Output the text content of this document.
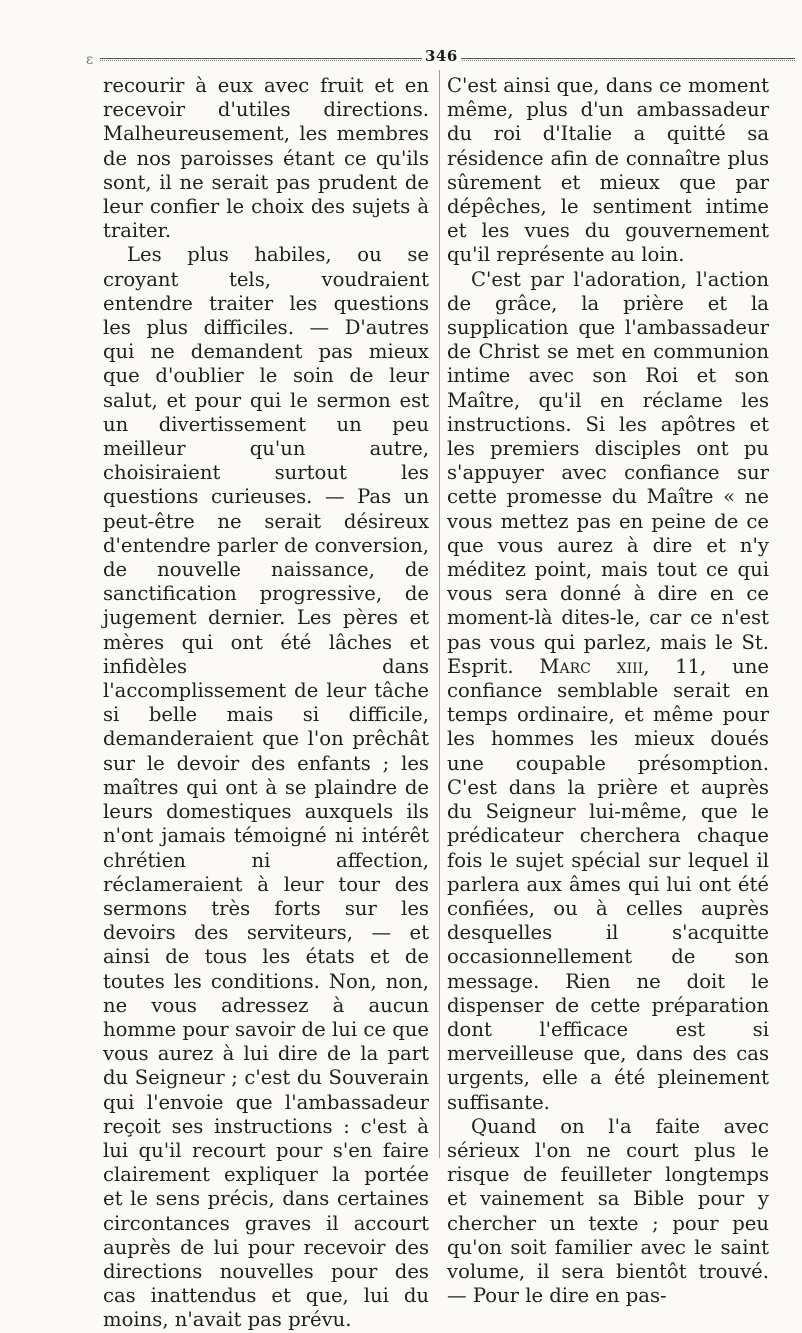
ɛ	346

recourir à eux avec fruit et en recevoir d'utiles directions. Malheureusement, les membres de nos paroisses étant ce qu'ils sont, il ne serait pas prudent de leur confier le choix des sujets à traiter.

Les plus habiles, ou se croyant tels, voudraient entendre traiter les questions les plus difficiles. — D'autres qui ne demandent pas mieux que d'oublier le soin de leur salut, et pour qui le sermon est un divertissement un peu meilleur qu'un autre, choisiraient surtout les questions curieuses. — Pas un peut-être ne serait désireux d'entendre parler de conversion, de nouvelle naissance, de sanctification progressive, de jugement dernier. Les pères et mères qui ont été lâches et infidèles dans l'accomplissement de leur tâche si belle mais si difficile, demanderaient que l'on prêchât sur le devoir des enfants ; les maîtres qui ont à se plaindre de leurs domestiques auxquels ils n'ont jamais témoigné ni intérêt chrétien ni affection, réclameraient à leur tour des sermons très forts sur les devoirs des serviteurs, — et ainsi de tous les états et de toutes les conditions. Non, non, ne vous adressez à aucun homme pour savoir de lui ce que vous aurez à lui dire de la part du Seigneur ; c'est du Souverain qui l'envoie que l'ambassadeur reçoit ses instructions : c'est à lui qu'il recourt pour s'en faire clairement expliquer la portée et le sens précis, dans certaines circontances graves il accourt auprès de lui pour recevoir des directions nouvelles pour des cas inattendus et que, lui du moins, n'avait pas prévu.

C'est ainsi que, dans ce moment même, plus d'un ambassadeur du roi d'Italie a quitté sa résidence afin de connaître plus sûrement et mieux que par dépêches, le sentiment intime et les vues du gouvernement qu'il représente au loin.

C'est par l'adoration, l'action de grâce, la prière et la supplication que l'ambassadeur de Christ se met en communion intime avec son Roi et son Maître, qu'il en réclame les instructions. Si les apôtres et les premiers disciples ont pu s'appuyer avec confiance sur cette promesse du Maître « ne vous mettez pas en peine de ce que vous aurez à dire et n'y méditez point, mais tout ce qui vous sera donné à dire en ce moment-là dites-le, car ce n'est pas vous qui parlez, mais le St. Esprit. Marc xiii, 11, une confiance semblable serait en temps ordinaire, et même pour les hommes les mieux doués une coupable présomption. C'est dans la prière et auprès du Seigneur lui-même, que le prédicateur cherchera chaque fois le sujet spécial sur lequel il parlera aux âmes qui lui ont été confiées, ou à celles auprès desquelles il s'acquitte occasionnellement de son message. Rien ne doit le dispenser de cette préparation dont l'efficace est si merveilleuse que, dans des cas urgents, elle a été pleinement suffisante.

Quand on l'a faite avec sérieux l'on ne court plus le risque de feuilleter longtemps et vainement sa Bible pour y chercher un texte ; pour peu qu'on soit familier avec le saint volume, il sera bientôt trouvé. — Pour le dire en pas-
